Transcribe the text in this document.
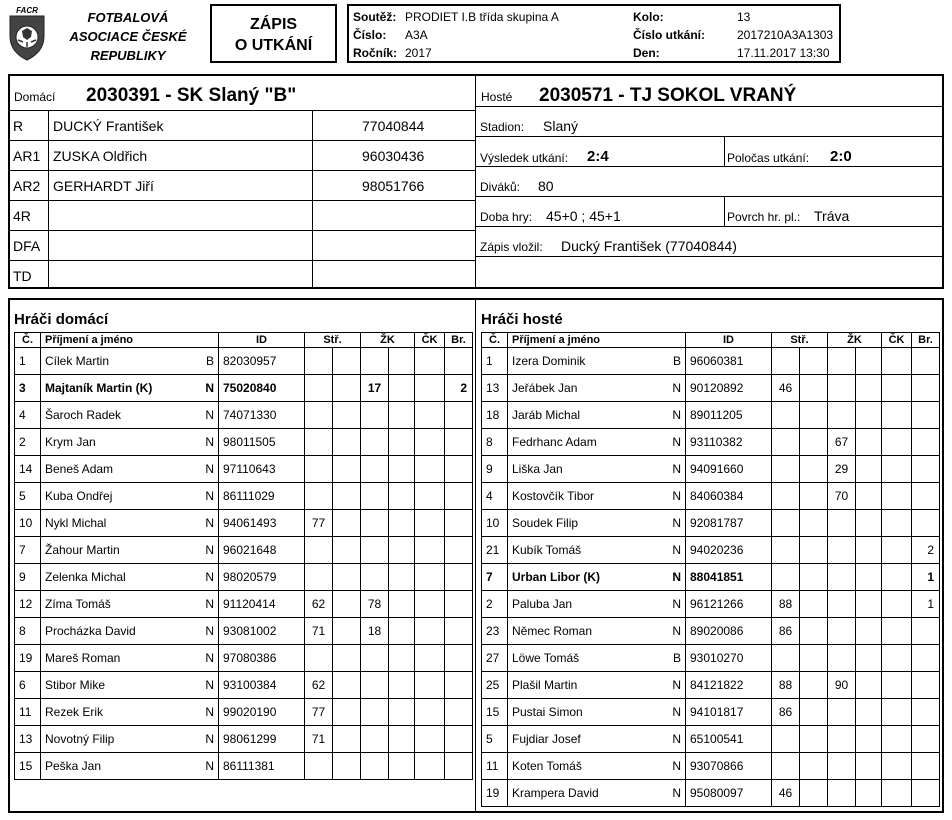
FACR	FOTBALOVÁ
ASOCIACE ČESKÉ
REPUBLIKY
ZÁPIS
O UTKÁNÍ
Soutěž: PRODIET I.B třída skupina A
Číslo: A3A
Ročník: 2017
Kolo:	13
Číslo utkání:	2017210A3A1303
Den:	17.11.2017 13:30
Domácí 2030391 - SK Slaný "B"	Hosté 2030571 - TJ SOKOL VRANÝ
R DUCKÝ František	77040844
AR1 ZUSKA Oldřich	96030436
AR2 GERHARDT Jiří	98051766
4R
DFA
TD
Stadion: Slaný
Výsledek utkání: 2:4	Poločas utkání: 2:0
Diváků: 80
Doba hry: 45+0 ; 45+1	Povrch hr. pl.: Tráva
Zápis vložil: Ducký František (77040844)
Hráči domácí	Hráči hosté
Č.	Příjmení a jméno		ID	Stř.		ŽK		ČK	Br.
1	Cílek Martin	B	82030957						
3	Majtaník Martin (K)	N	75020840			17			2
4	Šaroch Radek	N	74071330						
2	Krym Jan	N	98011505						
14	Beneš Adam	N	97110643						
5	Kuba Ondřej	N	86111029						
10	Nykl Michal	N	94061493	77					
7	Žahour Martin	N	96021648						
9	Zelenka Michal	N	98020579						
12	Zíma Tomáš	N	91120414	62		78			
8	Procházka David	N	93081002	71		18			
19	Mareš Roman	N	97080386						
6	Stibor Mike	N	93100384	62					
11	Rezek Erik	N	99020190	77					
13	Novotný Filip	N	98061299	71					
15	Peška Jan	N	86111381						
Č.	Příjmení a jméno		ID	Stř.		ŽK		ČK	Br.
1	Izera Dominik	B	96060381						
13	Jeřábek Jan	N	90120892	46					
18	Jaráb Michal	N	89011205						
8	Fedrhanc Adam	N	93110382			67			
9	Liška Jan	N	94091660			29			
4	Kostovčík Tibor	N	84060384			70			
10	Soudek Filip	N	92081787						
21	Kubík Tomáš	N	94020236						2
7	Urban Libor (K)	N	88041851						1
2	Paluba Jan	N	96121266	88					1
23	Němec Roman	N	89020086	86					
27	Löwe Tomáš	B	93010270						
25	Plašil Martin	N	84121822	88		90			
15	Pustai Simon	N	94101817	86					
5	Fujdiar Josef	N	65100541						
11	Koten Tomáš	N	93070866						
19	Krampera David	N	95080097	46					
